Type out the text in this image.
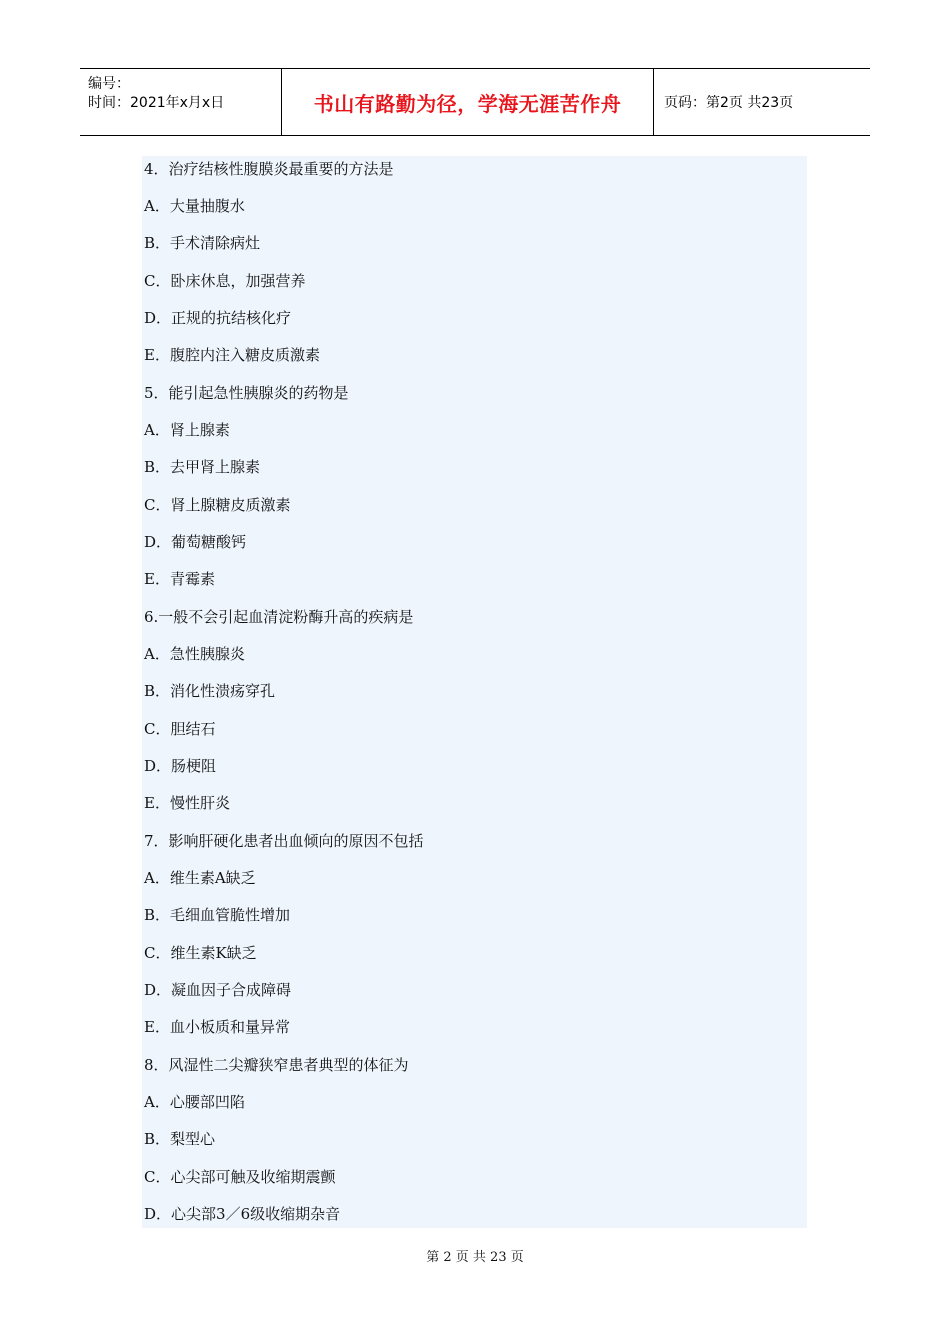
编号：
时间：2021年x月x日	书山有路勤为径，学海无涯苦作舟	页码：第2页 共23页
4．治疗结核性腹膜炎最重要的方法是
A．大量抽腹水
B．手术清除病灶
C．卧床休息，加强营养
D．正规的抗结核化疗
E．腹腔内注入糖皮质激素
5．能引起急性胰腺炎的药物是
A．肾上腺素
B．去甲肾上腺素
C．肾上腺糖皮质激素
D．葡萄糖酸钙
E．青霉素
6.一般不会引起血清淀粉酶升高的疾病是
A．急性胰腺炎
B．消化性溃疡穿孔
C．胆结石
D．肠梗阻
E．慢性肝炎
7．影响肝硬化患者出血倾向的原因不包括
A．维生素A缺乏
B．毛细血管脆性增加
C．维生素K缺乏
D．凝血因子合成障碍
E．血小板质和量异常
8．风湿性二尖瓣狭窄患者典型的体征为
A．心腰部凹陷
B．梨型心
C．心尖部可触及收缩期震颤
D．心尖部3／6级收缩期杂音
第 2 页 共 23 页
